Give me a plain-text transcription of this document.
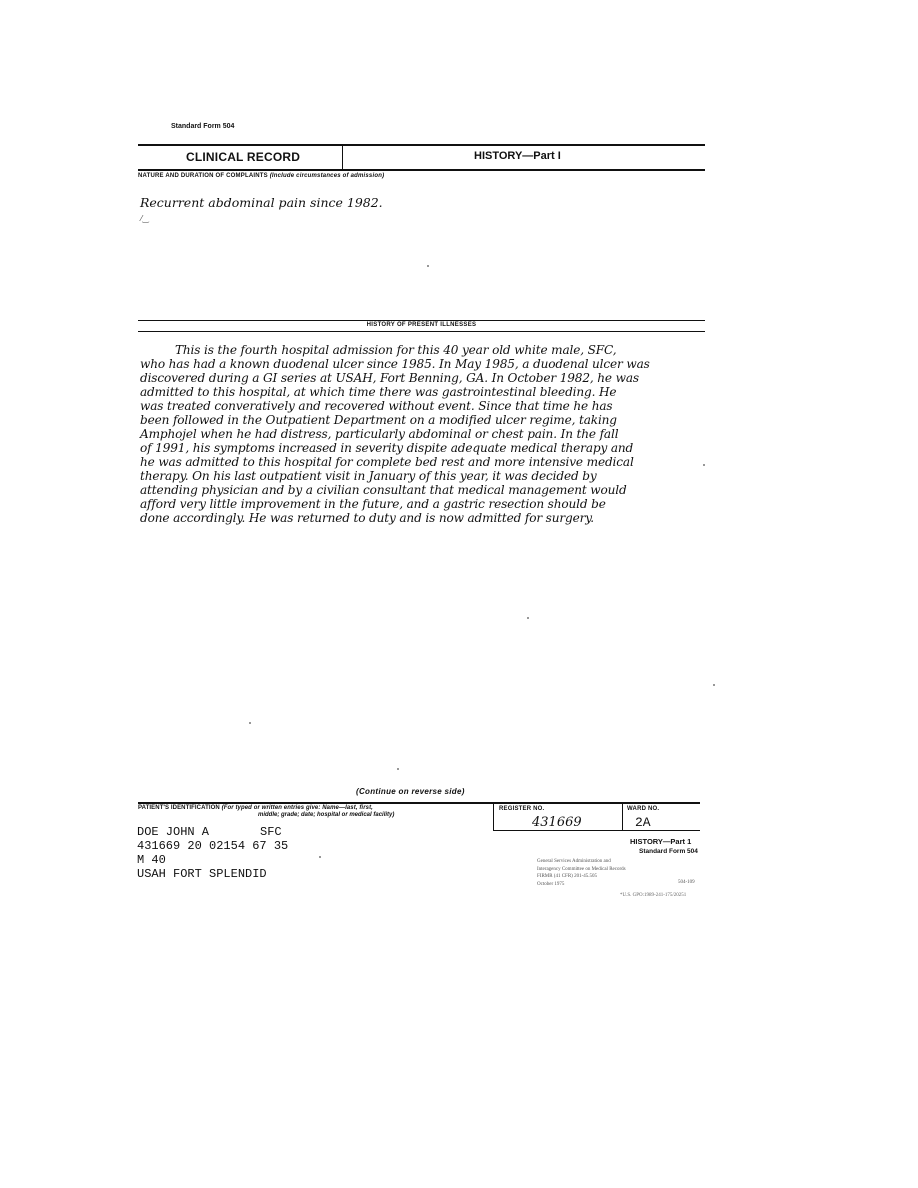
Standard Form 504
CLINICAL RECORD	HISTORY—Part I
NATURE AND DURATION OF COMPLAINTS (Include circumstances of admission)
Recurrent abdominal pain since 1982.
⁄‿
HISTORY OF PRESENT ILLNESSES
This is the fourth hospital admission for this 40 year old white male, SFC,
who has had a known duodenal ulcer since 1985. In May 1985, a duodenal ulcer was
discovered during a GI series at USAH, Fort Benning, GA. In October 1982, he was
admitted to this hospital, at which time there was gastrointestinal bleeding. He
was treated converatively and recovered without event. Since that time he has
been followed in the Outpatient Department on a modified ulcer regime, taking
Amphojel when he had distress, particularly abdominal or chest pain. In the fall
of 1991, his symptoms increased in severity dispite adequate medical therapy and
he was admitted to this hospital for complete bed rest and more intensive medical
therapy. On his last outpatient visit in January of this year, it was decided by
attending physician and by a civilian consultant that medical management would
afford very little improvement in the future, and a gastric resection should be
done accordingly. He was returned to duty and is now admitted for surgery.
(Continue on reverse side)
PATIENT'S IDENTIFICATION (For typed or written entries give: Name—last, first,
middle; grade; date; hospital or medical facility)
REGISTER NO.	WARD NO.
431669	2A
DOE JOHN A	SFC
431669 20 02154 67 35
M 40
USAH FORT SPLENDID
HISTORY—Part 1
Standard Form 504
General Services Administration and
Interagency Committee on Medical Records
FIRMR (41 CFR) 201-45.505
October 1975	504-109
*U.S. GPO:1989-241-175/20251
